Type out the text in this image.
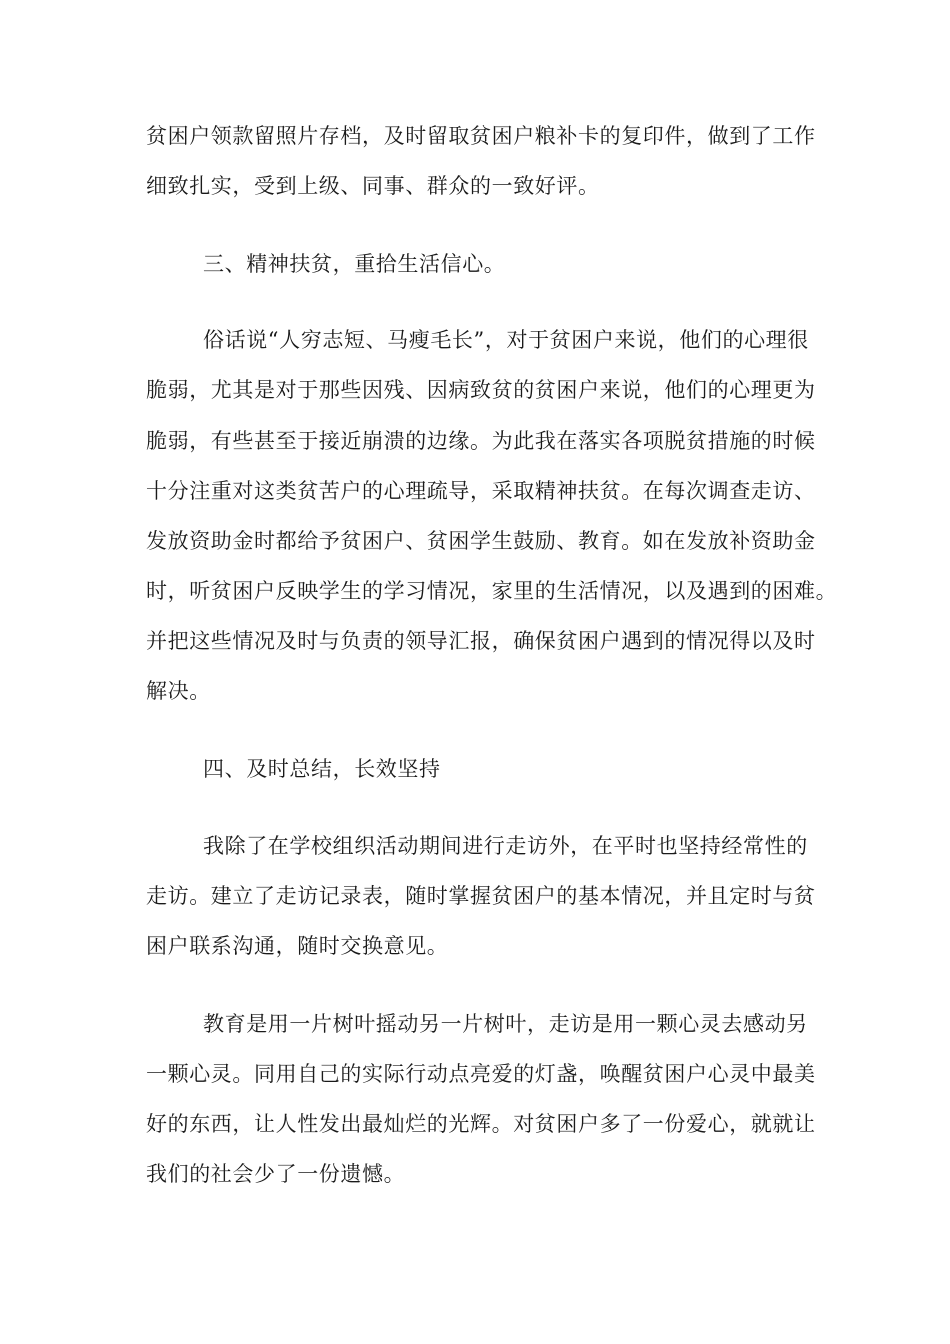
贫困户领款留照片存档，及时留取贫困户粮补卡的复印件，做到了工作
细致扎实，受到上级、同事、群众的一致好评。
三、精神扶贫，重拾生活信心。
俗话说“人穷志短、马瘦毛长”，对于贫困户来说，他们的心理很
脆弱，尤其是对于那些因残、因病致贫的贫困户来说，他们的心理更为
脆弱，有些甚至于接近崩溃的边缘。为此我在落实各项脱贫措施的时候
十分注重对这类贫苦户的心理疏导，采取精神扶贫。在每次调查走访、
发放资助金时都给予贫困户、贫困学生鼓励、教育。如在发放补资助金
时，听贫困户反映学生的学习情况，家里的生活情况，以及遇到的困难。
并把这些情况及时与负责的领导汇报，确保贫困户遇到的情况得以及时
解决。
四、及时总结，长效坚持
我除了在学校组织活动期间进行走访外，在平时也坚持经常性的
走访。建立了走访记录表，随时掌握贫困户的基本情况，并且定时与贫
困户联系沟通，随时交换意见。
教育是用一片树叶摇动另一片树叶，走访是用一颗心灵去感动另
一颗心灵。同用自己的实际行动点亮爱的灯盏，唤醒贫困户心灵中最美
好的东西，让人性发出最灿烂的光辉。对贫困户多了一份爱心，就就让
我们的社会少了一份遗憾。
